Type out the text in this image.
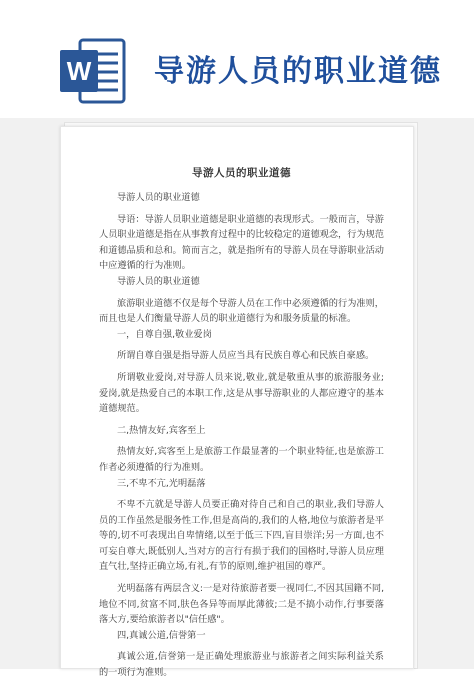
W 导游人员的职业道德
导游人员的职业道德

导游人员的职业道德

导语：导游人员职业道德是职业道德的表现形式。一般而言，导游人员职业道德是指在从事教育过程中的比较稳定的道德观念，行为规范和道德品质和总和。简而言之，就是指所有的导游人员在导游职业活动中应遵循的行为准则。

导游人员的职业道德

旅游职业道德不仅是每个导游人员在工作中必须遵循的行为准则，而且也是人们衡量导游人员的职业道德行为和服务质量的标准。

一，自尊自强,敬业爱岗

所谓自尊自强是指导游人员应当具有民族自尊心和民族自豪感。

所谓敬业爱岗,对导游人员来说,敬业,就是敬重从事的旅游服务业;爱岗,就是热爱自己的本职工作,这是从事导游职业的人都应遵守的基本道德规范。

二,热情友好,宾客至上

热情友好,宾客至上是旅游工作最显著的一个职业特征,也是旅游工作者必须遵循的行为准则。

三,不卑不亢,光明磊落

不卑不亢就是导游人员要正确对待自己和自己的职业,我们导游人员的工作虽然是服务性工作,但是高尚的,我们的人格,地位与旅游者是平等的,切不可表现出自卑情绪,以至于低三下四,盲目崇洋;另一方面,也不可妄自尊大,既低别人,当对方的言行有损于我们的国格时,导游人员应理直气壮,坚持正确立场,有礼,有节的原则,维护祖国的尊严。

光明磊落有两层含义:一是对待旅游者要一视同仁,不因其国籍不同,地位不同,贫富不同,肤色各异等而厚此薄彼;二是不搞小动作,行事要落落大方,要给旅游者以"信任感"。

四,真诚公道,信誉第一

真诚公道,信誉第一是正确处理旅游业与旅游者之间实际利益关系的一项行为准则。
